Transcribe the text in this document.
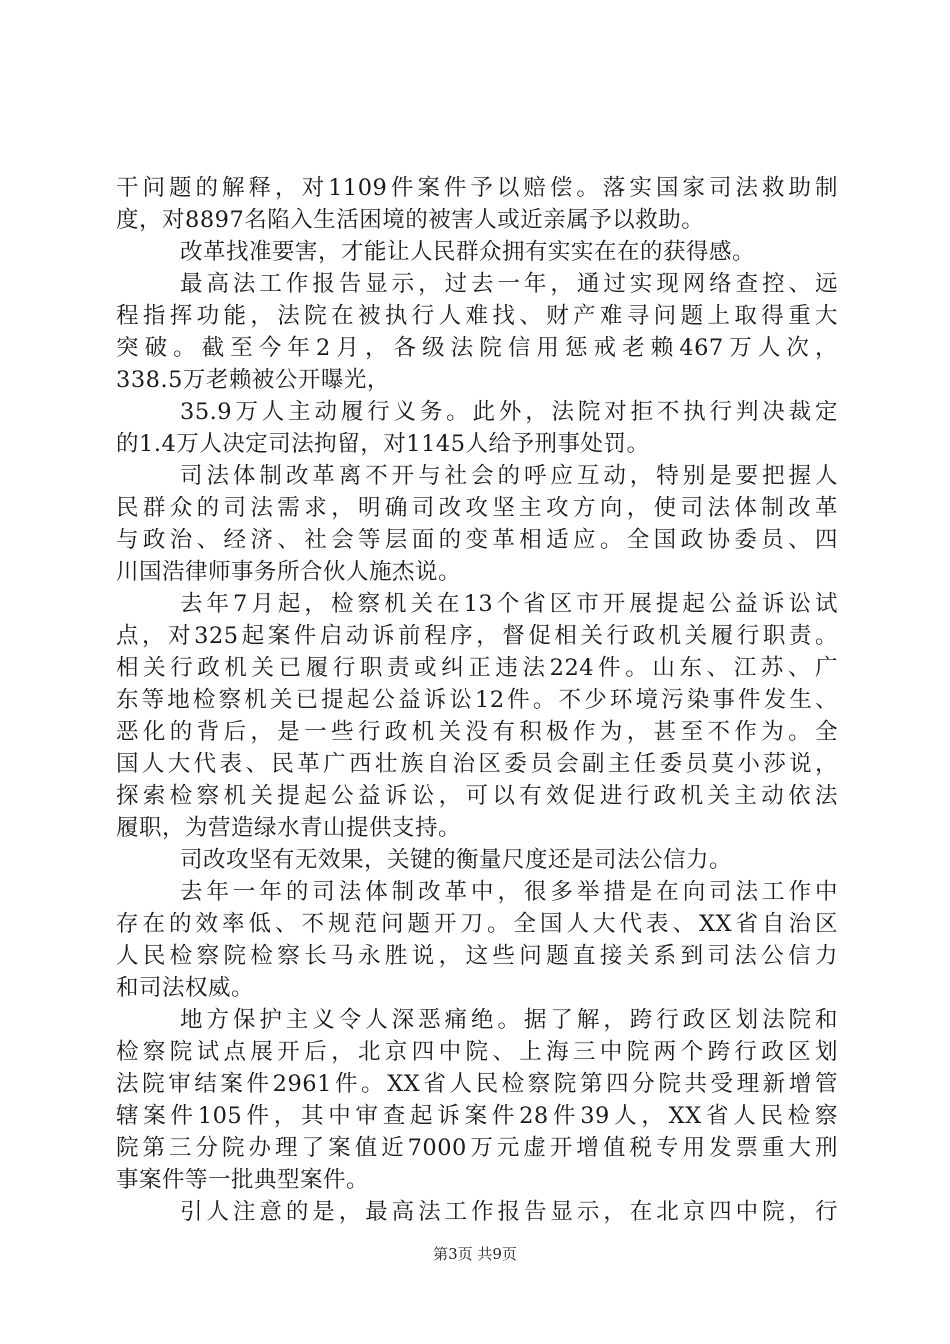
干问题的解释，对1109件案件予以赔偿。落实国家司法救助制
度，对8897名陷入生活困境的被害人或近亲属予以救助。
改革找准要害，才能让人民群众拥有实实在在的获得感。
最高法工作报告显示，过去一年，通过实现网络查控、远
程指挥功能，法院在被执行人难找、财产难寻问题上取得重大
突破。截至今年2月，各级法院信用惩戒老赖467万人次，
338.5万老赖被公开曝光，
35.9万人主动履行义务。此外，法院对拒不执行判决裁定
的1.4万人决定司法拘留，对1145人给予刑事处罚。
司法体制改革离不开与社会的呼应互动，特别是要把握人
民群众的司法需求，明确司改攻坚主攻方向，使司法体制改革
与政治、经济、社会等层面的变革相适应。全国政协委员、四
川国浩律师事务所合伙人施杰说。
去年7月起，检察机关在13个省区市开展提起公益诉讼试
点，对325起案件启动诉前程序，督促相关行政机关履行职责。
相关行政机关已履行职责或纠正违法224件。山东、江苏、广
东等地检察机关已提起公益诉讼12件。不少环境污染事件发生、
恶化的背后，是一些行政机关没有积极作为，甚至不作为。全
国人大代表、民革广西壮族自治区委员会副主任委员莫小莎说，
探索检察机关提起公益诉讼，可以有效促进行政机关主动依法
履职，为营造绿水青山提供支持。
司改攻坚有无效果，关键的衡量尺度还是司法公信力。
去年一年的司法体制改革中，很多举措是在向司法工作中
存在的效率低、不规范问题开刀。全国人大代表、XX省自治区
人民检察院检察长马永胜说，这些问题直接关系到司法公信力
和司法权威。
地方保护主义令人深恶痛绝。据了解，跨行政区划法院和
检察院试点展开后，北京四中院、上海三中院两个跨行政区划
法院审结案件2961件。XX省人民检察院第四分院共受理新增管
辖案件105件，其中审查起诉案件28件39人，XX省人民检察
院第三分院办理了案值近7000万元虚开增值税专用发票重大刑
事案件等一批典型案件。
引人注意的是，最高法工作报告显示，在北京四中院，行
第3页 共9页
